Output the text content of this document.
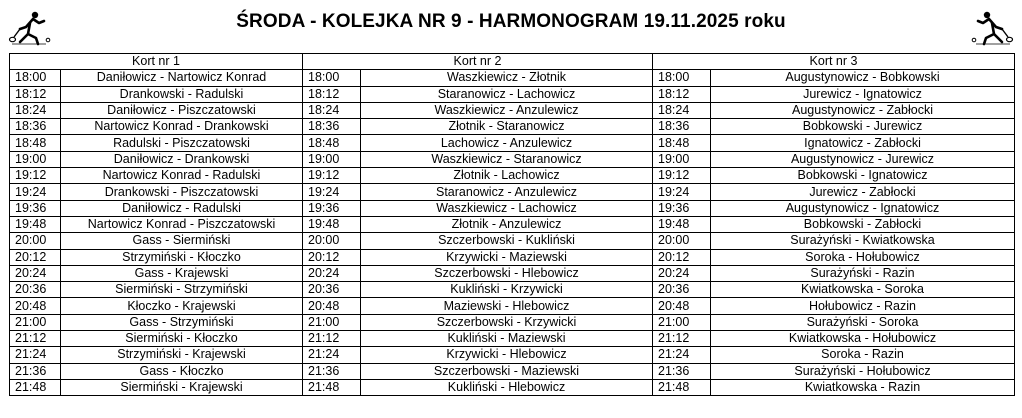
ŚRODA - KOLEJKA NR 9 - HARMONOGRAM 19.11.2025 roku
Kort nr 1		Kort nr 2		Kort nr 3	
18:00	Daniłowicz - Nartowicz Konrad	18:00	Waszkiewicz - Złotnik	18:00	Augustynowicz - Bobkowski
18:12	Drankowski - Radulski	18:12	Staranowicz - Lachowicz	18:12	Jurewicz - Ignatowicz
18:24	Daniłowicz - Piszczatowski	18:24	Waszkiewicz - Anzulewicz	18:24	Augustynowicz - Zabłocki
18:36	Nartowicz Konrad - Drankowski	18:36	Złotnik - Staranowicz	18:36	Bobkowski - Jurewicz
18:48	Radulski - Piszczatowski	18:48	Lachowicz - Anzulewicz	18:48	Ignatowicz - Zabłocki
19:00	Daniłowicz - Drankowski	19:00	Waszkiewicz - Staranowicz	19:00	Augustynowicz - Jurewicz
19:12	Nartowicz Konrad - Radulski	19:12	Złotnik - Lachowicz	19:12	Bobkowski - Ignatowicz
19:24	Drankowski - Piszczatowski	19:24	Staranowicz - Anzulewicz	19:24	Jurewicz - Zabłocki
19:36	Daniłowicz - Radulski	19:36	Waszkiewicz - Lachowicz	19:36	Augustynowicz - Ignatowicz
19:48	Nartowicz Konrad - Piszczatowski	19:48	Złotnik - Anzulewicz	19:48	Bobkowski - Zabłocki
20:00	Gass - Siermiński	20:00	Szczerbowski - Kukliński	20:00	Surażyński - Kwiatkowska
20:12	Strzymiński - Kłoczko	20:12	Krzywicki - Maziewski	20:12	Soroka - Hołubowicz
20:24	Gass - Krajewski	20:24	Szczerbowski - Hlebowicz	20:24	Surażyński - Razin
20:36	Siermiński - Strzymiński	20:36	Kukliński - Krzywicki	20:36	Kwiatkowska - Soroka
20:48	Kłoczko - Krajewski	20:48	Maziewski - Hlebowicz	20:48	Hołubowicz - Razin
21:00	Gass - Strzymiński	21:00	Szczerbowski - Krzywicki	21:00	Surażyński - Soroka
21:12	Siermiński - Kłoczko	21:12	Kukliński - Maziewski	21:12	Kwiatkowska - Hołubowicz
21:24	Strzymiński - Krajewski	21:24	Krzywicki - Hlebowicz	21:24	Soroka - Razin
21:36	Gass - Kłoczko	21:36	Szczerbowski - Maziewski	21:36	Surażyński - Hołubowicz
21:48	Siermiński - Krajewski	21:48	Kukliński - Hlebowicz	21:48	Kwiatkowska - Razin
